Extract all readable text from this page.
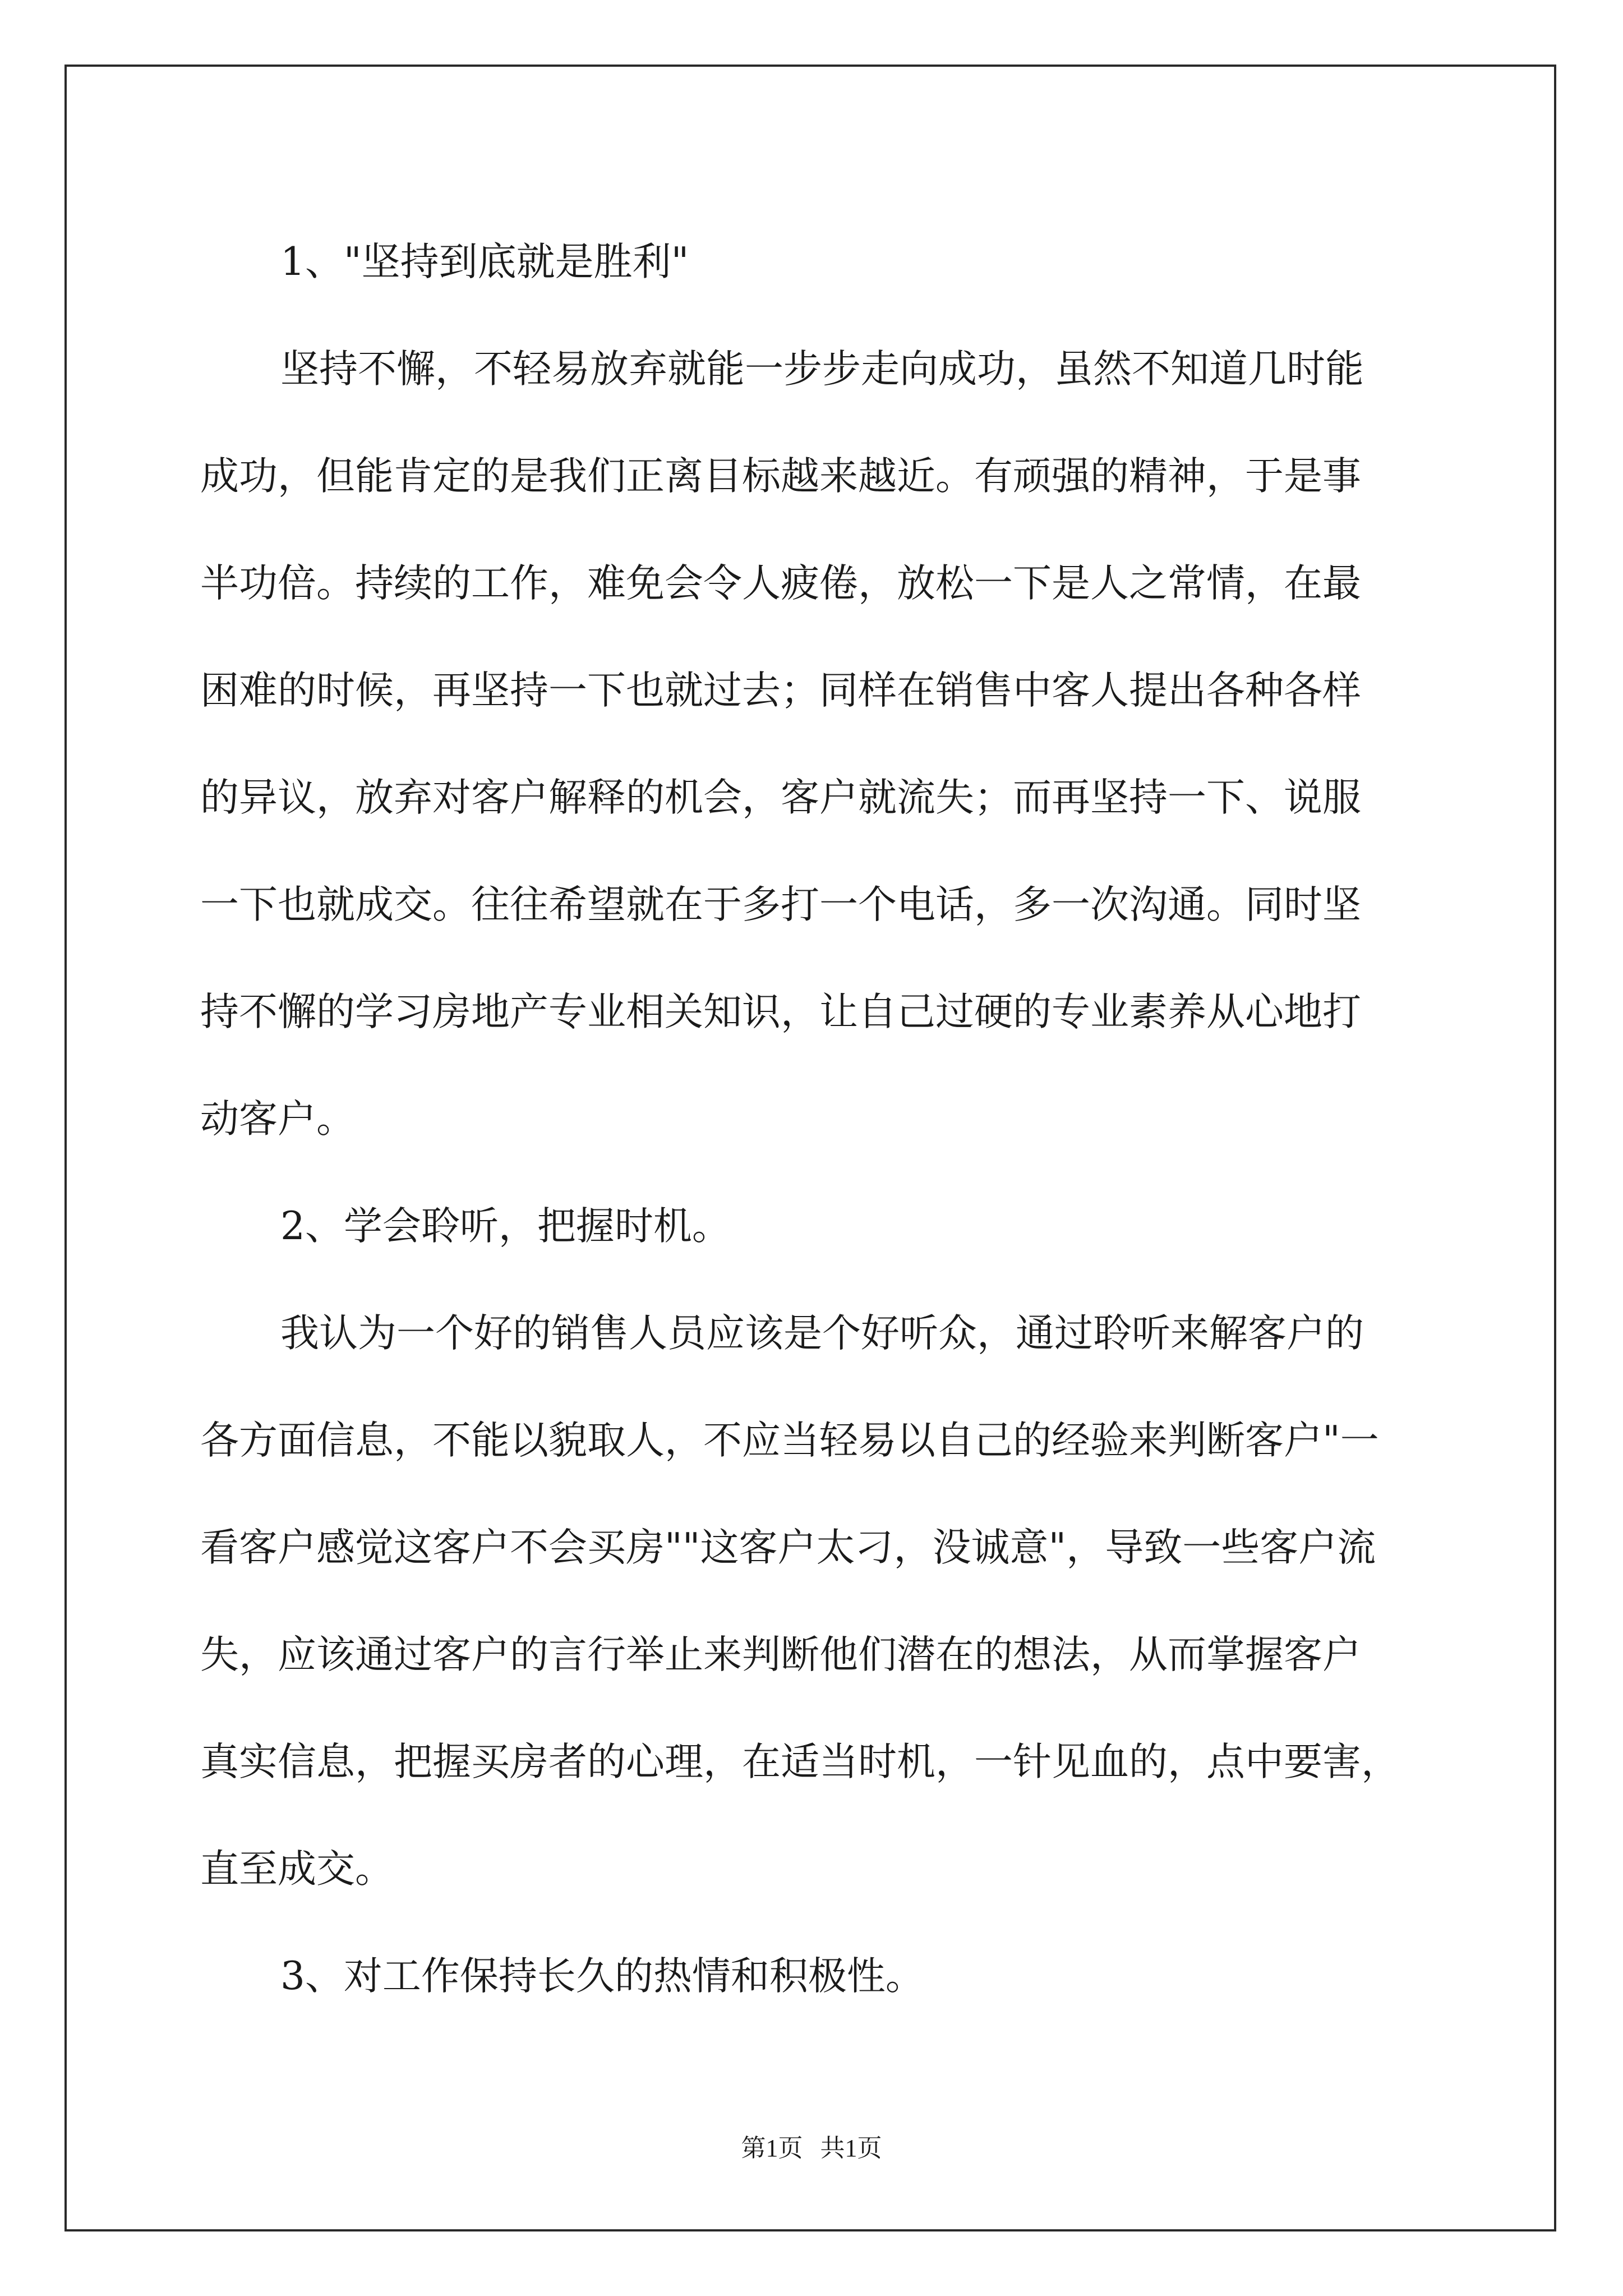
1、"坚持到底就是胜利"

坚持不懈，不轻易放弃就能一步步走向成功，虽然不知道几时能
成功，但能肯定的是我们正离目标越来越近。有顽强的精神，于是事
半功倍。持续的工作，难免会令人疲倦，放松一下是人之常情，在最
困难的时候，再坚持一下也就过去；同样在销售中客人提出各种各样
的异议，放弃对客户解释的机会，客户就流失；而再坚持一下、说服
一下也就成交。往往希望就在于多打一个电话，多一次沟通。同时坚
持不懈的学习房地产专业相关知识，让自己过硬的专业素养从心地打
动客户。

2、学会聆听，把握时机。

我认为一个好的销售人员应该是个好听众，通过聆听来解客户的
各方面信息，不能以貌取人，不应当轻易以自己的经验来判断客户"一
看客户感觉这客户不会买房""这客户太刁，没诚意"，导致一些客户流
失，应该通过客户的言行举止来判断他们潜在的想法，从而掌握客户
真实信息，把握买房者的心理，在适当时机，一针见血的，点中要害，
直至成交。

3、对工作保持长久的热情和积极性。

第1页 共1页
